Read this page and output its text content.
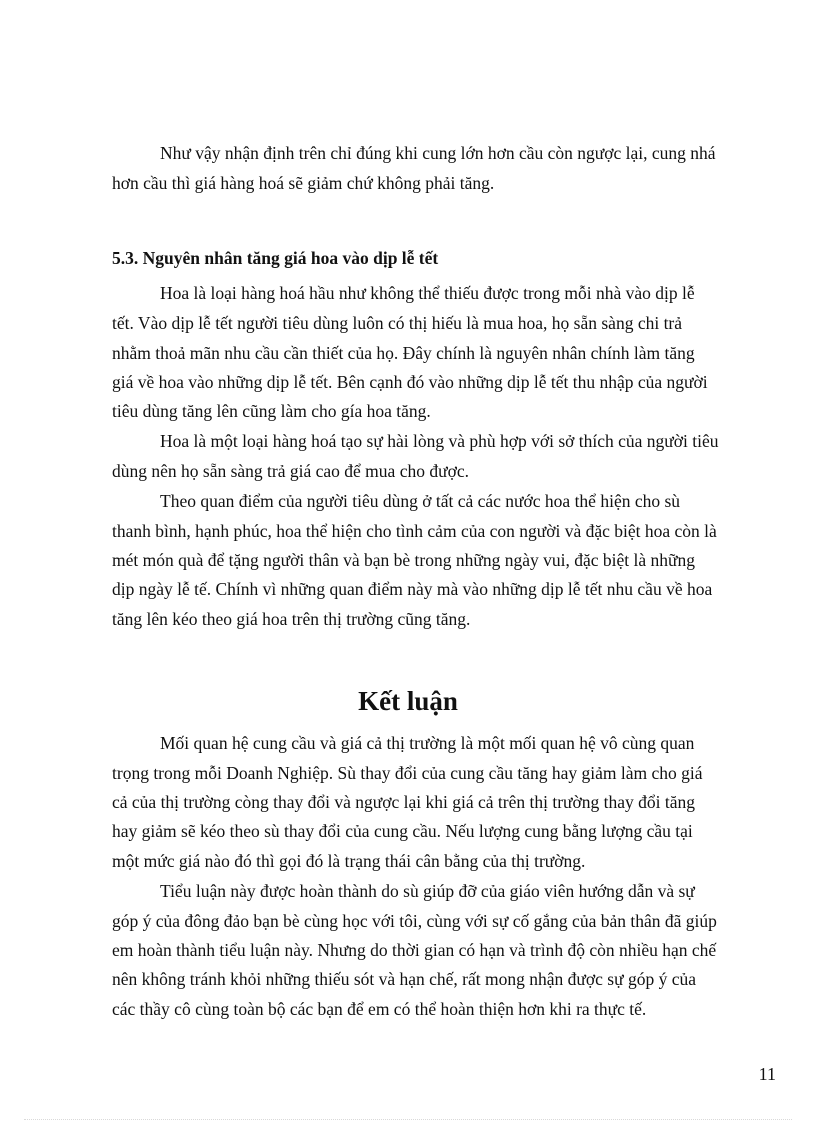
Như vậy nhận định trên chỉ đúng khi cung lớn hơn cầu còn ngược lại, cung nhá
hơn cầu thì giá hàng hoá sẽ giảm chứ không phải tăng.
5.3. Nguyên nhân tăng giá hoa vào dịp lễ tết
Hoa là loại hàng hoá hầu như không thể thiếu được trong mỗi nhà vào dịp lễ
tết. Vào dịp lễ tết người tiêu dùng luôn có thị hiếu là mua hoa, họ sẵn sàng chi trả
nhằm thoả mãn nhu cầu cần thiết của họ. Đây chính là nguyên nhân chính làm tăng
giá về hoa vào những dịp lễ tết. Bên cạnh đó vào những dịp lễ tết thu nhập của người
tiêu dùng tăng lên cũng làm cho gía hoa tăng.
Hoa là một loại hàng hoá tạo sự hài lòng và phù hợp với sở thích của người tiêu
dùng nên họ sẵn sàng trả giá cao để mua cho được.
Theo quan điểm của người tiêu dùng ở tất cả các nước hoa thể hiện cho sù
thanh bình, hạnh phúc, hoa thể hiện cho tình cảm của con người và đặc biệt hoa còn là
mét món quà để tặng người thân và bạn bè trong những ngày vui, đặc biệt là những
dịp ngày lễ tế. Chính vì những quan điểm này mà vào những dịp lễ tết nhu cầu về hoa
tăng lên kéo theo giá hoa trên thị trường cũng tăng.
Kết luận
Mối quan hệ cung cầu và giá cả thị trường là một mối quan hệ vô cùng quan
trọng trong mỗi Doanh Nghiệp. Sù thay đổi của cung cầu tăng hay giảm làm cho giá
cả của thị trường còng thay đổi và ngược lại khi giá cả trên thị trường thay đổi tăng
hay giảm sẽ kéo theo sù thay đổi của cung cầu. Nếu lượng cung bằng lượng cầu tại
một mức giá nào đó thì gọi đó là trạng thái cân bằng của thị trường.
Tiểu luận này được hoàn thành do sù giúp đỡ của giáo viên hướng dẫn và sự
góp ý của đông đảo bạn bè cùng học với tôi, cùng với sự cố gắng của bản thân đã giúp
em hoàn thành tiểu luận này. Nhưng do thời gian có hạn và trình độ còn nhiều hạn chế
nên không tránh khỏi những thiếu sót và hạn chế, rất mong nhận được sự góp ý của
các thầy cô cùng toàn bộ các bạn để em có thể hoàn thiện hơn khi ra thực tế.
11
